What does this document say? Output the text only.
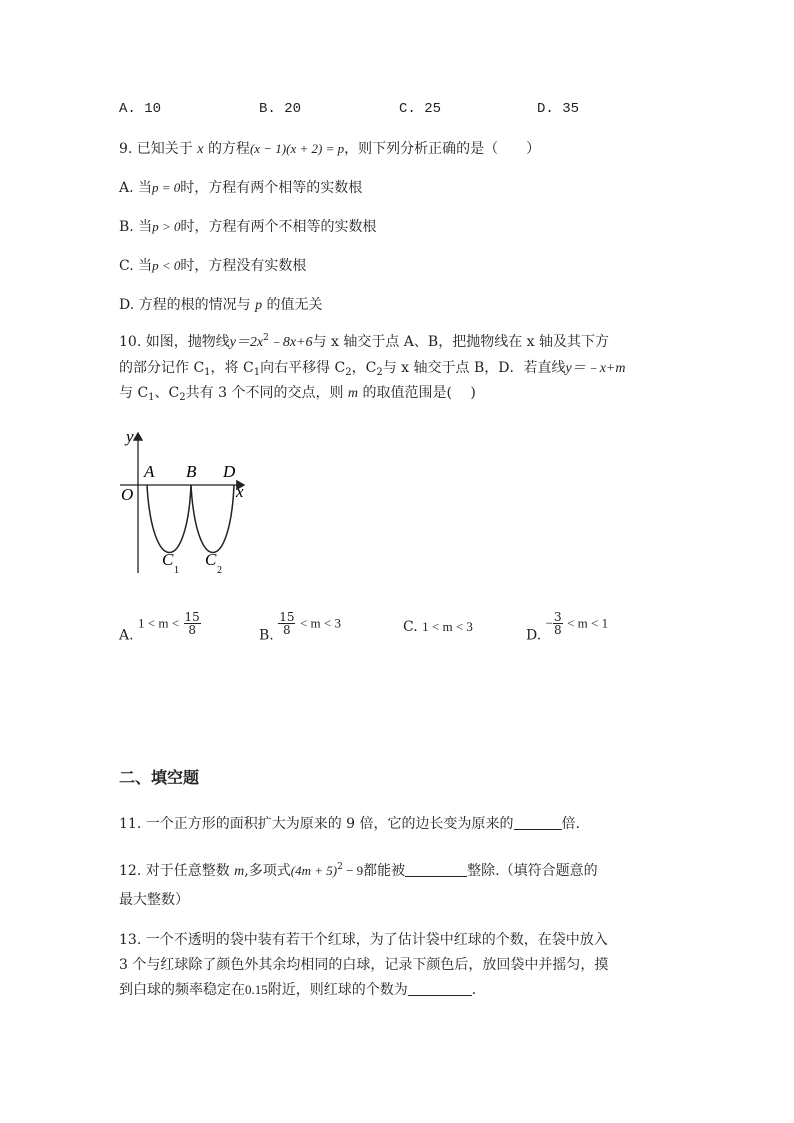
A. 10	B. 20	C. 25	D. 35
9. 已知关于 x 的方程(x − 1)(x + 2) = p，则下列分析正确的是（　　）
A. 当p = 0时，方程有两个相等的实数根
B. 当p > 0时，方程有两个不相等的实数根
C. 当p < 0时，方程没有实数根
D. 方程的根的情况与 p 的值无关
10. 如图，抛物线$y=2x^2﹣8x+6$与 x 轴交于点 A、B，把抛物线在 x 轴及其下方
的部分记作 $C_1$，将 $C_1$向右平移得 $C_2$，$C_2$与 x 轴交于点 B，D．若直线y＝﹣x+m
与 $C_1$、$C_2$共有 3 个不同的交点，则 m 的取值范围是(　 )
y
x
O
A B D
C
1
C
2
A. $1 < m < \frac{15}{8}$	B. $\frac{15}{8} < m < 3$	C. 1 < m < 3
D. − $\frac{3}{8} < m < 1$
二、填空题
11. 一个正方形的面积扩大为原来的 9 倍，它的边长变为原来的	倍.
12. 对于任意整数 m,多项式$(4m + 5)^2 - 9$都能被	整除.（填符合题意的
最大整数）
13. 一个不透明的袋中装有若干个红球，为了估计袋中红球的个数，在袋中放入
3 个与红球除了颜色外其余均相同的白球，记录下颜色后，放回袋中并摇匀，摸
到白球的频率稳定在0.15附近，则红球的个数为	.
